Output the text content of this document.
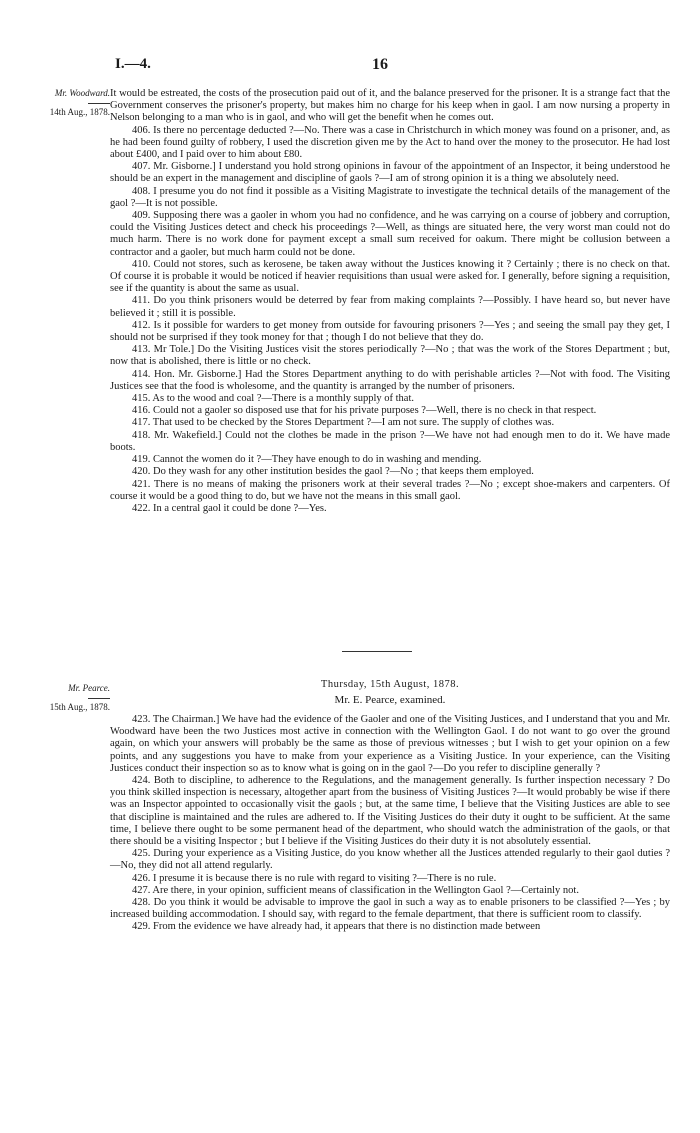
I.—4.	16
Mr. Woodward.
14th Aug., 1878.

It would be estreated, the costs of the prosecution paid out of it, and the balance preserved for the prisoner. It is a strange fact that the Government conserves the prisoner's property, but makes him no charge for his keep when in gaol. I am now nursing a property in Nelson belonging to a man who is in gaol, and who will get the benefit when he comes out.

406. Is there no percentage deducted ?—No. There was a case in Christchurch in which money was found on a prisoner, and, as he had been found guilty of robbery, I used the discretion given me by the Act to hand over the money to the prosecutor. He had lost about £400, and I paid over to him about £80.

407. Mr. Gisborne.] I understand you hold strong opinions in favour of the appointment of an Inspector, it being understood he should be an expert in the management and discipline of gaols ?—I am of strong opinion it is a thing we absolutely need.

408. I presume you do not find it possible as a Visiting Magistrate to investigate the technical details of the management of the gaol ?—It is not possible.

409. Supposing there was a gaoler in whom you had no confidence, and he was carrying on a course of jobbery and corruption, could the Visiting Justices detect and check his proceedings ?—Well, as things are situated here, the very worst man could not do much harm. There is no work done for payment except a small sum received for oakum. There might be collusion between a contractor and a gaoler, but much harm could not be done.

410. Could not stores, such as kerosene, be taken away without the Justices knowing it ? Certainly ; there is no check on that. Of course it is probable it would be noticed if heavier requisitions than usual were asked for. I generally, before signing a requisition, see if the quantity is about the same as usual.

411. Do you think prisoners would be deterred by fear from making complaints ?—Possibly. I have heard so, but never have believed it ; still it is possible.

412. Is it possible for warders to get money from outside for favouring prisoners ?—Yes ; and seeing the small pay they get, I should not be surprised if they took money for that ; though I do not believe that they do.

413. Mr Tole.] Do the Visiting Justices visit the stores periodically ?—No ; that was the work of the Stores Department ; but, now that is abolished, there is little or no check.

414. Hon. Mr. Gisborne.] Had the Stores Department anything to do with perishable articles ?—Not with food. The Visiting Justices see that the food is wholesome, and the quantity is arranged by the number of prisoners.

415. As to the wood and coal ?—There is a monthly supply of that.

416. Could not a gaoler so disposed use that for his private purposes ?—Well, there is no check in that respect.

417. That used to be checked by the Stores Department ?—I am not sure. The supply of clothes was.

418. Mr. Wakefield.] Could not the clothes be made in the prison ?—We have not had enough men to do it. We have made boots.

419. Cannot the women do it ?—They have enough to do in washing and mending.

420. Do they wash for any other institution besides the gaol ?—No ; that keeps them employed.

421. There is no means of making the prisoners work at their several trades ?—No ; except shoe-makers and carpenters. Of course it would be a good thing to do, but we have not the means in this small gaol.

422. In a central gaol it could be done ?—Yes.

Mr. Pearce.
15th Aug., 1878.
Thursday, 15th August, 1878.
Mr. E. Pearce, examined.

423. The Chairman.] We have had the evidence of the Gaoler and one of the Visiting Justices, and I understand that you and Mr. Woodward have been the two Justices most active in connection with the Wellington Gaol. I do not want to go over the ground again, on which your answers will probably be the same as those of previous witnesses ; but I wish to get your opinion on a few points, and any suggestions you have to make from your experience as a Visiting Justice. In your experience, can the Visiting Justices conduct their inspection so as to know what is going on in the gaol ?—Do you refer to discipline generally ?

424. Both to discipline, to adherence to the Regulations, and the management generally. Is further inspection necessary ? Do you think skilled inspection is necessary, altogether apart from the business of Visiting Justices ?—It would probably be wise if there was an Inspector appointed to occasionally visit the gaols ; but, at the same time, I believe that the Visiting Justices are able to see that discipline is maintained and the rules are adhered to. If the Visiting Justices do their duty it ought to be sufficient. At the same time, I believe there ought to be some permanent head of the department, who should watch the administration of the gaols, or that there should be a visiting Inspector ; but I believe if the Visiting Justices do their duty it is not absolutely essential.

425. During your experience as a Visiting Justice, do you know whether all the Justices attended regularly to their gaol duties ?—No, they did not all attend regularly.

426. I presume it is because there is no rule with regard to visiting ?—There is no rule.

427. Are there, in your opinion, sufficient means of classification in the Wellington Gaol ?—Certainly not.

428. Do you think it would be advisable to improve the gaol in such a way as to enable prisoners to be classified ?—Yes ; by increased building accommodation. I should say, with regard to the female department, that there is sufficient room to classify.

429. From the evidence we have already had, it appears that there is no distinction made between
